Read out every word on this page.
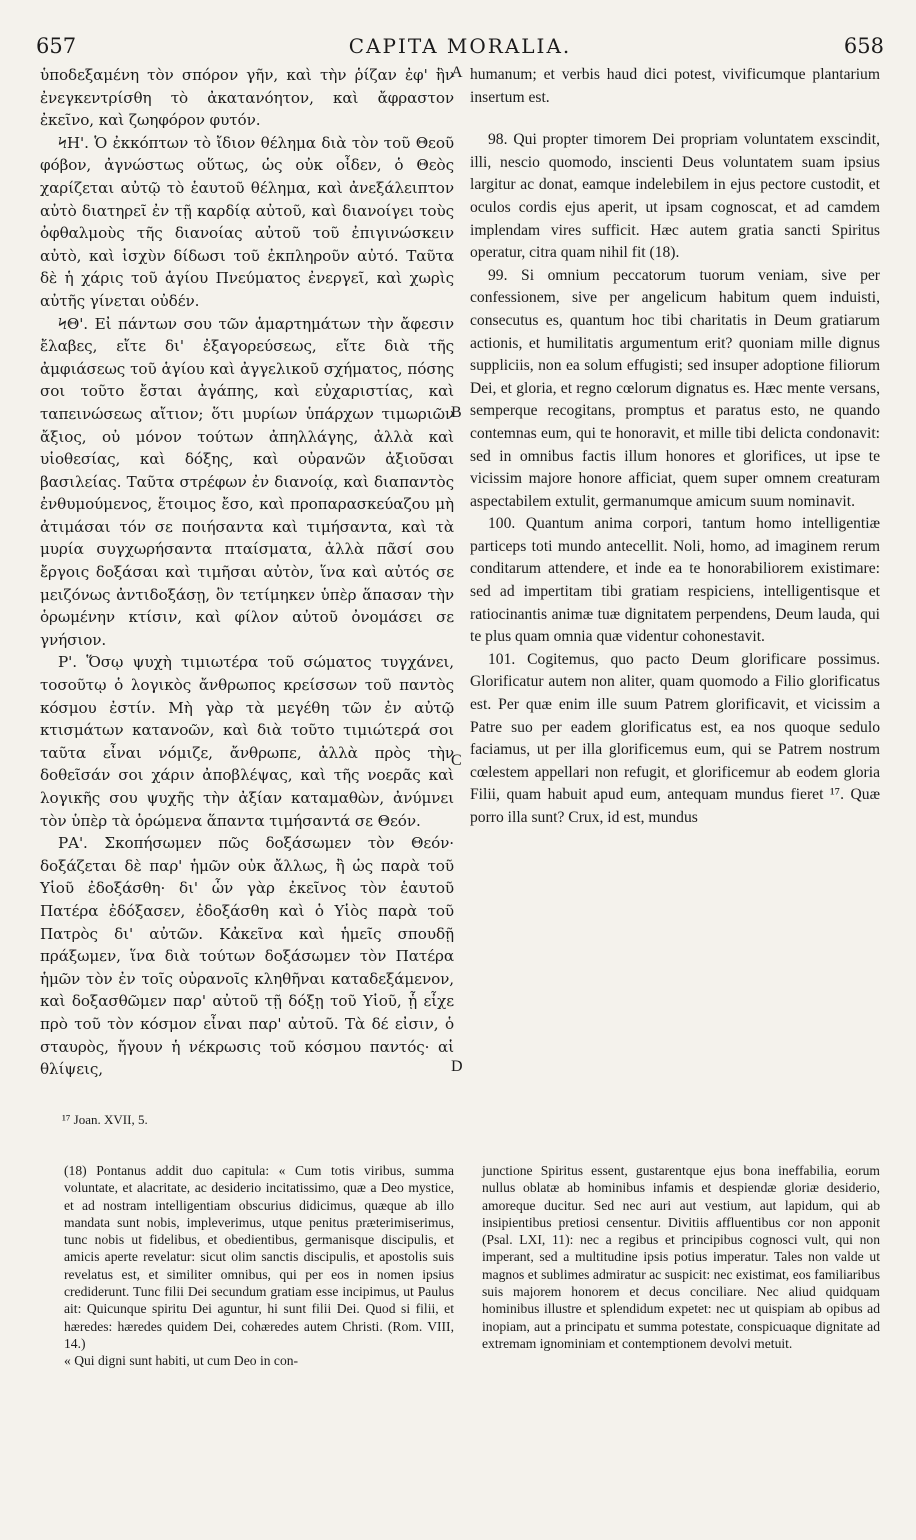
657	CAPITA MORALIA.	658

ὑποδεξαμένη τὸν σπόρον γῆν, καὶ τὴν ῥίζαν ἐφ' ἣν ἐνεγκεντρίσθη τὸ ἀκατανόητον, καὶ ἄφραστον ἐκεῖνο, καὶ ζωηφόρον φυτόν.

ϞΗ'. Ὁ ἐκκόπτων τὸ ἴδιον θέλημα διὰ τὸν τοῦ Θεοῦ φόβον, ἀγνώστως οὕτως, ὡς οὐκ οἶδεν, ὁ Θεὸς χαρίζεται αὐτῷ τὸ ἑαυτοῦ θέλημα, καὶ ἀνεξάλειπτον αὐτὸ διατηρεῖ ἐν τῇ καρδίᾳ αὐτοῦ, καὶ διανοίγει τοὺς ὀφθαλμοὺς τῆς διανοίας αὐτοῦ τοῦ ἐπιγινώσκειν αὐτὸ, καὶ ἰσχὺν δίδωσι τοῦ ἐκπληροῦν αὐτό. Ταῦτα δὲ ἡ χάρις τοῦ ἁγίου Πνεύματος ἐνεργεῖ, καὶ χωρὶς αὐτῆς γίνεται οὐδέν.

ϞΘ'. Εἰ πάντων σου τῶν ἁμαρτημάτων τὴν ἄφεσιν ἔλαβες, εἴτε δι' ἐξαγορεύσεως, εἴτε διὰ τῆς ἀμφιάσεως τοῦ ἁγίου καὶ ἀγγελικοῦ σχήματος, πόσης σοι τοῦτο ἔσται ἀγάπης, καὶ εὐχαριστίας, καὶ ταπεινώσεως αἴτιον; ὅτι μυρίων ὑπάρχων τιμωριῶν ἄξιος, οὐ μόνον τούτων ἀπηλλάγης, ἀλλὰ καὶ υἱοθεσίας, καὶ δόξης, καὶ οὐρανῶν ἀξιοῦσαι βασιλείας. Ταῦτα στρέφων ἐν διανοίᾳ, καὶ διαπαντὸς ἐνθυμούμενος, ἕτοιμος ἔσο, καὶ προπαρασκεύαζου μὴ ἀτιμάσαι τόν σε ποιήσαντα καὶ τιμήσαντα, καὶ τὰ μυρία συγχωρήσαντα πταίσματα, ἀλλὰ πᾶσί σου ἔργοις δοξάσαι καὶ τιμῆσαι αὐτὸν, ἵνα καὶ αὐτός σε μειζόνως ἀντιδοξάσῃ, ὃν τετίμηκεν ὑπὲρ ἅπασαν τὴν ὁρωμένην κτίσιν, καὶ φίλον αὐτοῦ ὀνομάσει σε γνήσιον.

Ρ'. Ὅσῳ ψυχὴ τιμιωτέρα τοῦ σώματος τυγχάνει, τοσοῦτῳ ὁ λογικὸς ἄνθρωπος κρείσσων τοῦ παντὸς κόσμου ἐστίν. Μὴ γὰρ τὰ μεγέθη τῶν ἐν αὐτῷ κτισμάτων κατανοῶν, καὶ διὰ τοῦτο τιμιώτερά σοι ταῦτα εἶναι νόμιζε, ἄνθρωπε, ἀλλὰ πρὸς τὴν δοθεῖσάν σοι χάριν ἀποβλέψας, καὶ τῆς νοερᾶς καὶ λογικῆς σου ψυχῆς τὴν ἀξίαν καταμαθὼν, ἀνύμνει τὸν ὑπὲρ τὰ ὁρώμενα ἅπαντα τιμήσαντά σε Θεόν.

ΡΑ'. Σκοπήσωμεν πῶς δοξάσωμεν τὸν Θεόν· δοξάζεται δὲ παρ' ἡμῶν οὐκ ἄλλως, ἢ ὡς παρὰ τοῦ Υἱοῦ ἐδοξάσθη· δι' ὧν γὰρ ἐκεῖνος τὸν ἑαυτοῦ Πατέρα ἐδόξασεν, ἐδοξάσθη καὶ ὁ Υἱὸς παρὰ τοῦ Πατρὸς δι' αὐτῶν. Κἀκεῖνα καὶ ἡμεῖς σπουδῇ πράξωμεν, ἵνα διὰ τούτων δοξάσωμεν τὸν Πατέρα ἡμῶν τὸν ἐν τοῖς οὐρανοῖς κληθῆναι καταδεξάμενον, καὶ δοξασθῶμεν παρ' αὐτοῦ τῇ δόξῃ τοῦ Υἱοῦ, ᾗ εἶχε πρὸ τοῦ τὸν κόσμον εἶναι παρ' αὐτοῦ. Τὰ δέ εἰσιν, ὁ σταυρὸς, ἤγουν ἡ νέκρωσις τοῦ κόσμου παντός· αἱ θλίψεις,

humanum; et verbis haud dici potest, vivificumque plantarium insertum est.

98. Qui propter timorem Dei propriam voluntatem exscindit, illi, nescio quomodo, inscienti Deus voluntatem suam ipsius largitur ac donat, eamque indelebilem in ejus pectore custodit, et oculos cordis ejus aperit, ut ipsam cognoscat, et ad camdem implendam vires sufficit. Hæc autem gratia sancti Spiritus operatur, citra quam nihil fit (18).

99. Si omnium peccatorum tuorum veniam, sive per confessionem, sive per angelicum habitum quem induisti, consecutus es, quantum hoc tibi charitatis in Deum gratiarum actionis, et humilitatis argumentum erit? quoniam mille dignus suppliciis, non ea solum effugisti; sed insuper adoptione filiorum Dei, et gloria, et regno cœlorum dignatus es. Hæc mente versans, semperque recogitans, promptus et paratus esto, ne quando contemnas eum, qui te honoravit, et mille tibi delicta condonavit: sed in omnibus factis illum honores et glorifices, ut ipse te vicissim majore honore afficiat, quem super omnem creaturam aspectabilem extulit, germanumque amicum suum nominavit.

100. Quantum anima corpori, tantum homo intelligentiæ particeps toti mundo antecellit. Noli, homo, ad imaginem rerum conditarum attendere, et inde ea te honorabiliorem existimare: sed ad impertitam tibi gratiam respiciens, intelligentisque et ratiocinantis animæ tuæ dignitatem perpendens, Deum lauda, qui te plus quam omnia quæ videntur cohonestavit.

101. Cogitemus, quo pacto Deum glorificare possimus. Glorificatur autem non aliter, quam quomodo a Filio glorificatus est. Per quæ enim ille suum Patrem glorificavit, et vicissim a Patre suo per eadem glorificatus est, ea nos quoque sedulo faciamus, ut per illa glorificemus eum, qui se Patrem nostrum cœlestem appellari non refugit, et glorificemur ab eodem gloria Filii, quam habuit apud eum, antequam mundus fieret ¹⁷. Quæ porro illa sunt? Crux, id est, mundus

A
B
C
D
¹⁷ Joan. XVII, 5.

(18) Pontanus addit duo capitula: « Cum totis viribus, summa voluntate, et alacritate, ac desiderio incitatissimo, quæ a Deo mystice, et ad nostram intelligentiam obscurius didicimus, quæque ab illo mandata sunt nobis, impleverimus, utque penitus præterimiserimus, tunc nobis ut fidelibus, et obedientibus, germanisque discipulis, et amicis aperte revelatur: sicut olim sanctis discipulis, et apostolis suis revelatus est, et similiter omnibus, qui per eos in nomen ipsius crediderunt. Tunc filii Dei secundum gratiam esse incipimus, ut Paulus ait: Quicunque spiritu Dei aguntur, hi sunt filii Dei. Quod si filii, et hæredes: hæredes quidem Dei, cohæredes autem Christi. (Rom. VIII, 14.)

« Qui digni sunt habiti, ut cum Deo in con-

junctione Spiritus essent, gustarentque ejus bona ineffabilia, eorum nullus oblatæ ab hominibus infamis et despiendæ gloriæ desiderio, amoreque ducitur. Sed nec auri aut vestium, aut lapidum, qui ab insipientibus pretiosi censentur. Divitiis affluentibus cor non apponit (Psal. LXI, 11): nec a regibus et principibus cognosci vult, qui non imperant, sed a multitudine ipsis potius imperatur. Tales non valde ut magnos et sublimes admiratur ac suspicit: nec existimat, eos familiaribus suis majorem honorem et decus conciliare. Nec aliud quidquam hominibus illustre et splendidum expetet: nec ut quispiam ab opibus ad inopiam, aut a principatu et summa potestate, conspicuaque dignitate ad extremam ignominiam et contemptionem devolvi metuit.
